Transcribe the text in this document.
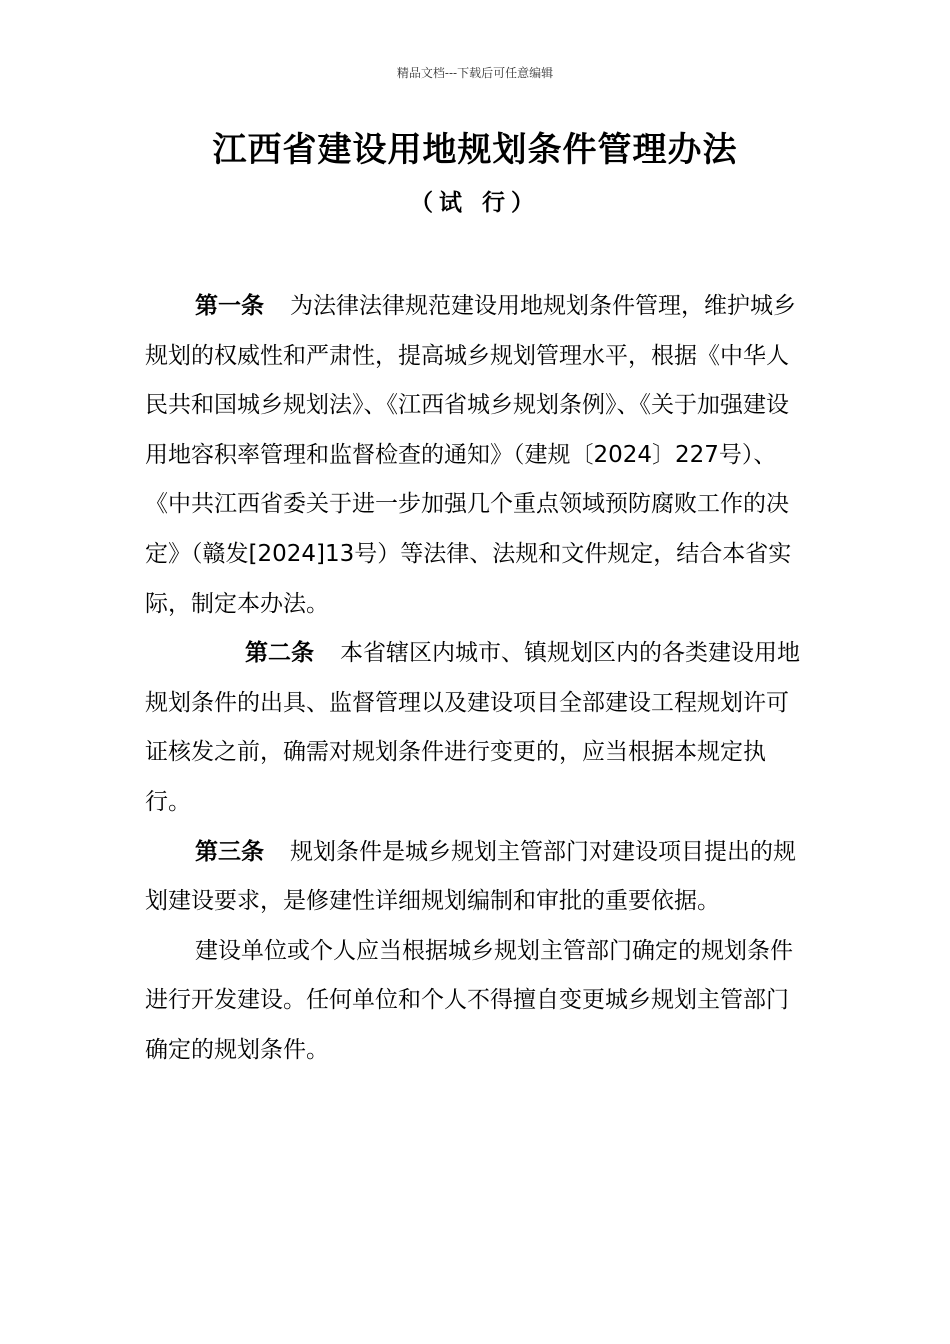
精品文档---下载后可任意编辑
江西省建设用地规划条件管理办法
（试 行）

第一条 为法律法律规范建设用地规划条件管理，维护城乡规划的权威性和严肃性，提高城乡规划管理水平，根据《中华人民共和国城乡规划法》、《江西省城乡规划条例》、《关于加强建设用地容积率管理和监督检查的通知》（建规〔2024〕227号）、《中共江西省委关于进一步加强几个重点领域预防腐败工作的决定》（赣发[2024]13号）等法律、法规和文件规定，结合本省实际，制定本办法。

第二条 本省辖区内城市、镇规划区内的各类建设用地规划条件的出具、监督管理以及建设项目全部建设工程规划许可证核发之前，确需对规划条件进行变更的，应当根据本规定执行。

第三条 规划条件是城乡规划主管部门对建设项目提出的规划建设要求，是修建性详细规划编制和审批的重要依据。

建设单位或个人应当根据城乡规划主管部门确定的规划条件进行开发建设。任何单位和个人不得擅自变更城乡规划主管部门确定的规划条件。
